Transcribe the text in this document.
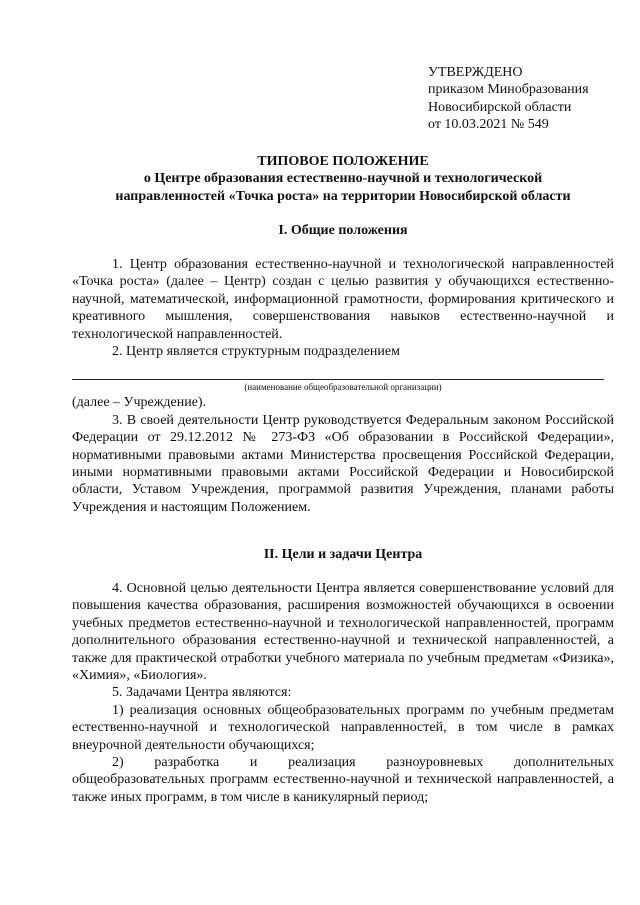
УТВЕРЖДЕНО
приказом Минобразования
Новосибирской области
от 10.03.2021 № 549
ТИПОВОЕ ПОЛОЖЕНИЕ
о Центре образования естественно-научной и технологической
направленностей «Точка роста» на территории Новосибирской области
I. Общие положения

1. Центр образования естественно-научной и технологической направленностей «Точка роста» (далее – Центр) создан с целью развития у обучающихся естественно-научной, математической, информационной грамотности, формирования критического и креативного мышления, совершенствования навыков естественно-научной и технологической направленностей.

2. Центр является структурным подразделением

(наименование общеобразовательной организации)

(далее – Учреждение).

3. В своей деятельности Центр руководствуется Федеральным законом Российской Федерации от 29.12.2012 № 273-ФЗ «Об образовании в Российской Федерации», нормативными правовыми актами Министерства просвещения Российской Федерации, иными нормативными правовыми актами Российской Федерации и Новосибирской области, Уставом Учреждения, программой развития Учреждения, планами работы Учреждения и настоящим Положением.

II. Цели и задачи Центра

4. Основной целью деятельности Центра является совершенствование условий для повышения качества образования, расширения возможностей обучающихся в освоении учебных предметов естественно-научной и технологической направленностей, программ дополнительного образования естественно-научной и технической направленностей, а также для практической отработки учебного материала по учебным предметам «Физика», «Химия», «Биология».

5. Задачами Центра являются:

1) реализация основных общеобразовательных программ по учебным предметам естественно-научной и технологической направленностей, в том числе в рамках внеурочной деятельности обучающихся;

2) разработка и реализация разноуровневых дополнительных общеобразовательных программ естественно-научной и технической направленностей, а также иных программ, в том числе в каникулярный период;
